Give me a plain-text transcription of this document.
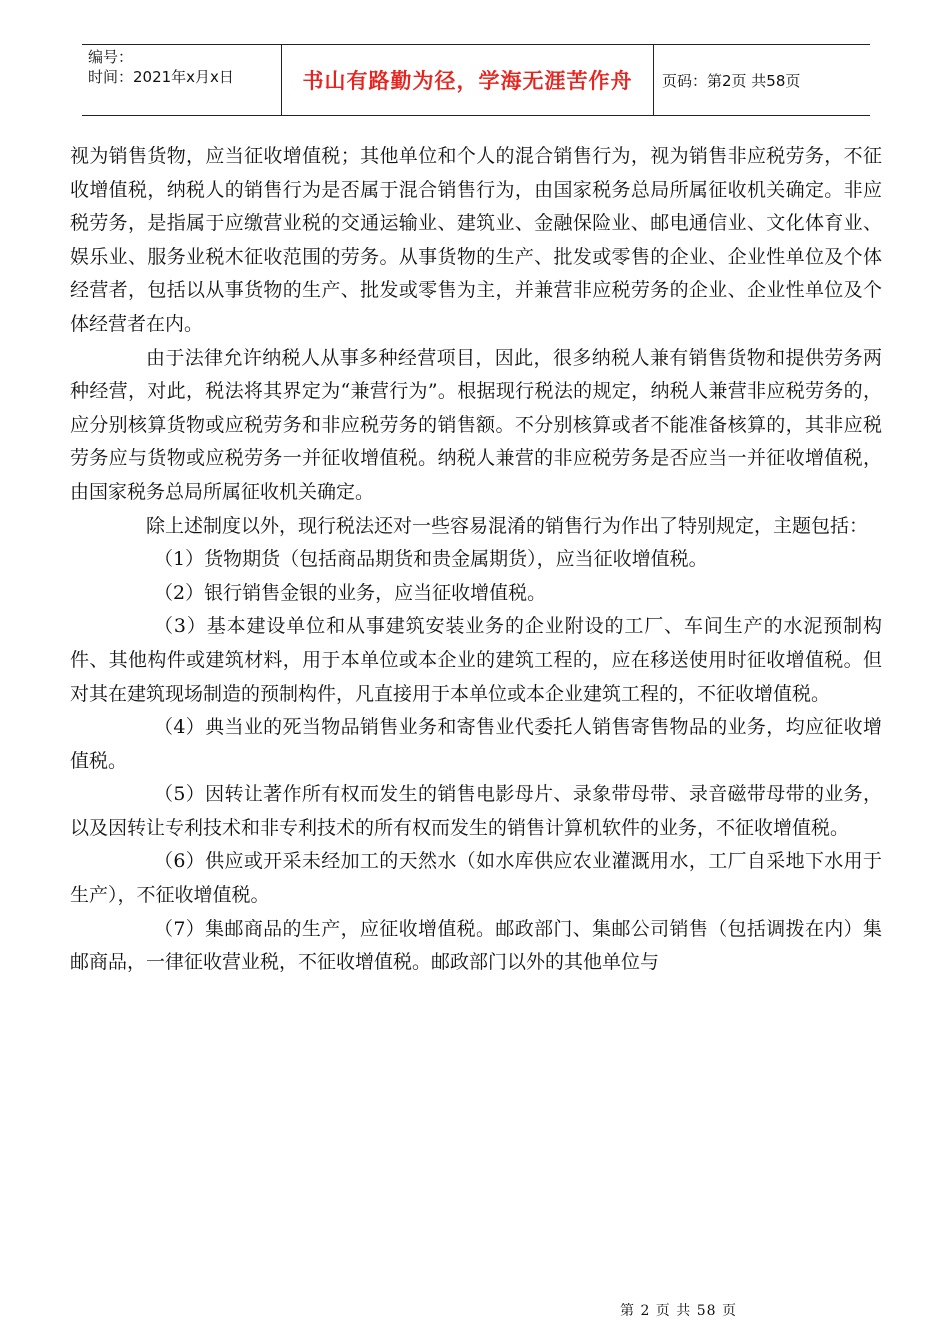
编号：
时间：2021年x月x日	书山有路勤为径，学海无涯苦作舟	页码：第2页 共58页

视为销售货物，应当征收增值税；其他单位和个人的混合销售行为，视为销售非应税劳务，不征收增值税，纳税人的销售行为是否属于混合销售行为，由国家税务总局所属征收机关确定。非应税劳务，是指属于应缴营业税的交通运输业、建筑业、金融保险业、邮电通信业、文化体育业、娱乐业、服务业税木征收范围的劳务。从事货物的生产、批发或零售的企业、企业性单位及个体经营者，包括以从事货物的生产、批发或零售为主，并兼营非应税劳务的企业、企业性单位及个体经营者在内。

由于法律允许纳税人从事多种经营项目，因此，很多纳税人兼有销售货物和提供劳务两种经营，对此，税法将其界定为“兼营行为”。根据现行税法的规定，纳税人兼营非应税劳务的，应分别核算货物或应税劳务和非应税劳务的销售额。不分别核算或者不能准备核算的，其非应税劳务应与货物或应税劳务一并征收增值税。纳税人兼营的非应税劳务是否应当一并征收增值税，由国家税务总局所属征收机关确定。

除上述制度以外，现行税法还对一些容易混淆的销售行为作出了特别规定，主题包括：

（1）货物期货（包括商品期货和贵金属期货），应当征收增值税。

（2）银行销售金银的业务，应当征收增值税。

（3）基本建设单位和从事建筑安装业务的企业附设的工厂、车间生产的水泥预制构件、其他构件或建筑材料，用于本单位或本企业的建筑工程的，应在移送使用时征收增值税。但对其在建筑现场制造的预制构件，凡直接用于本单位或本企业建筑工程的，不征收增值税。

（4）典当业的死当物品销售业务和寄售业代委托人销售寄售物品的业务，均应征收增值税。

（5）因转让著作所有权而发生的销售电影母片、录象带母带、录音磁带母带的业务，以及因转让专利技术和非专利技术的所有权而发生的销售计算机软件的业务，不征收增值税。

（6）供应或开采未经加工的天然水（如水库供应农业灌溉用水，工厂自采地下水用于生产），不征收增值税。

（7）集邮商品的生产，应征收增值税。邮政部门、集邮公司销售（包括调拨在内）集邮商品，一律征收营业税，不征收增值税。邮政部门以外的其他单位与

第 2 页 共 58 页
